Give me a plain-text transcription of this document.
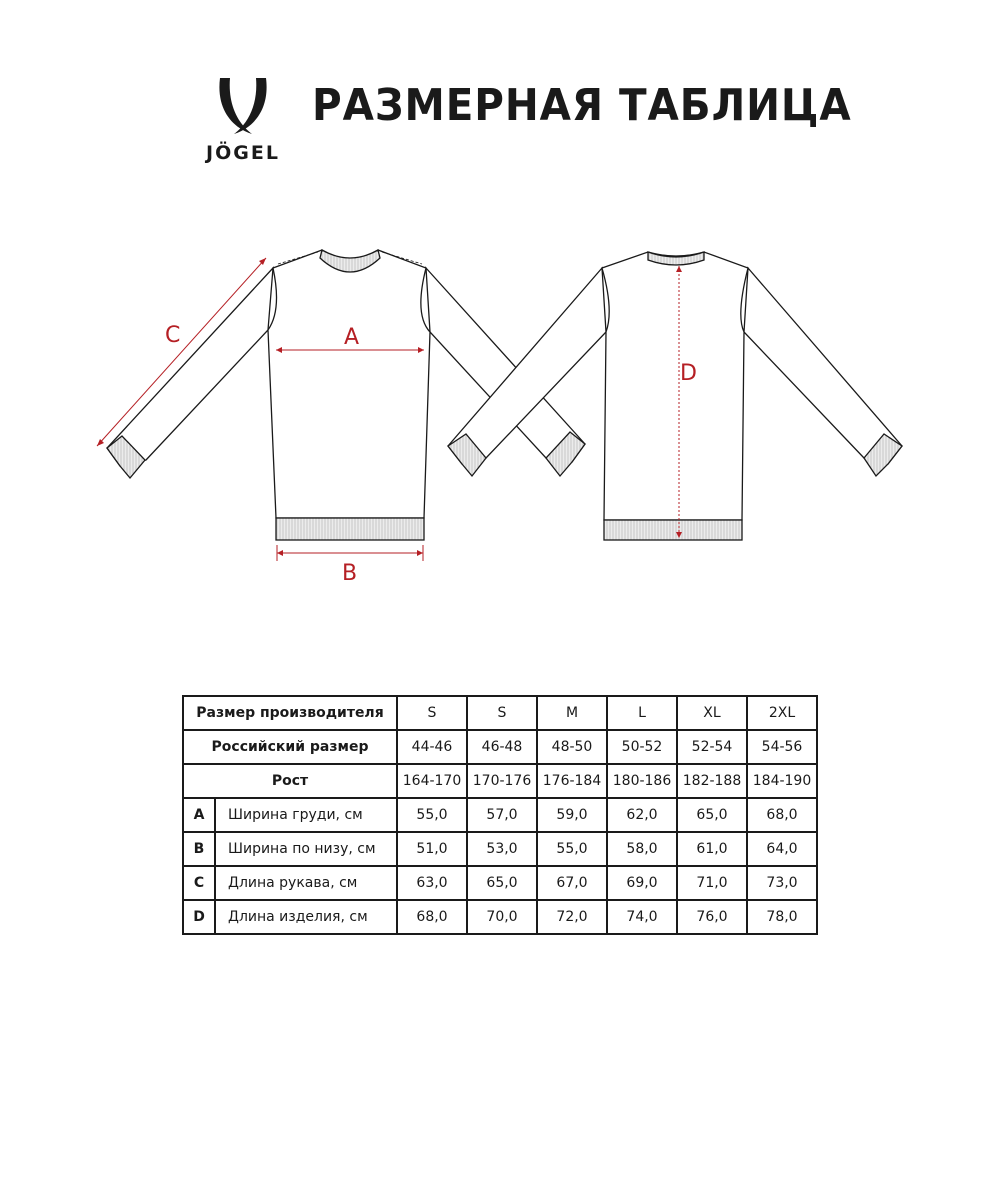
JÖGEL
РАЗМЕРНАЯ ТАБЛИЦА
A
B
C
D
Размер производителя		S	S	M	L	XL	2XL
Российский размер		44-46	46-48	48-50	50-52	52-54	54-56
Рост		164-170	170-176	176-184	180-186	182-188	184-190
A	Ширина груди, см	55,0	57,0	59,0	62,0	65,0	68,0
B	Ширина по низу, см	51,0	53,0	55,0	58,0	61,0	64,0
C	Длина рукава, см	63,0	65,0	67,0	69,0	71,0	73,0
D	Длина изделия, см	68,0	70,0	72,0	74,0	76,0	78,0
